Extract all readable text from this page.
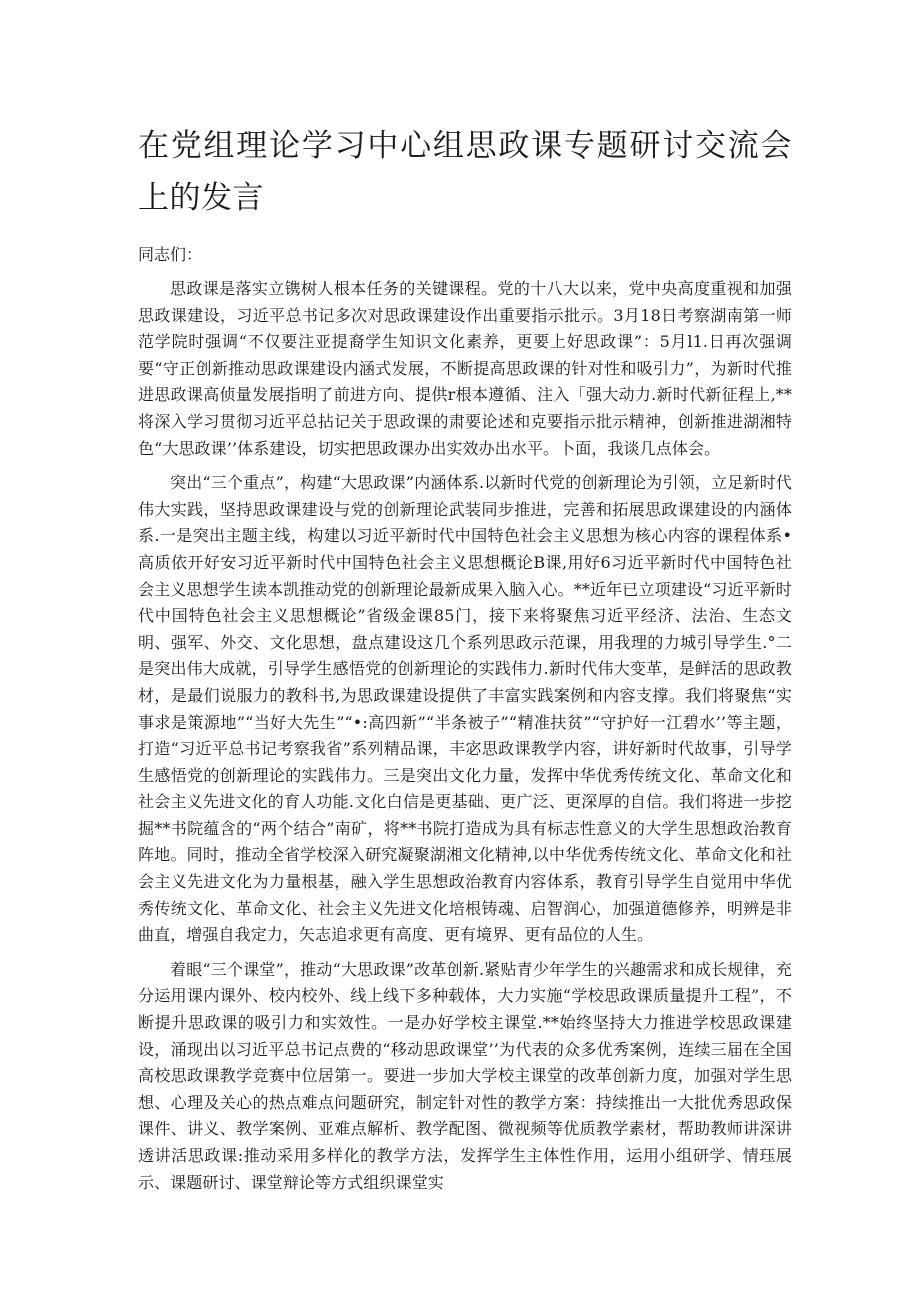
在党组理论学习中心组思政课专题研讨交流会上的发言

同志们：

思政课是落实立镌树人根本任务的关键课程。党的十八大以来，党中央高度重视和加强思政课建设，习近平总书记多次对思政课建设作出重要指示批示。3月18日考察湖南第一师范学院时强调“不仅要注亚提裔学生知识文化素养，更要上好思政课”：5月l1.日再次强调要“守正创新推动思政课建设内涵式发展，不断提高思政课的针对性和吸引力”，为新时代推进思政课高侦量发展指明了前进方向、提供r根本遵循、注入「强大动力.新时代新征程上,**将深入学习贯彻习近平总拈记关于思政课的肃要论述和克要指示批示精神，创新推进湖湘特色“大思政课’’体系建设，切实把思政课办出实效办出水平。卜面，我谈几点体会。

突出“三个重点”，构建“大思政课”内涵体系.以新时代党的创新理论为引领，立足新时代伟大实践，坚持思政课建设与党的创新理论武装同步推进，完善和拓展思政课建设的内涵体系.一是突出主题主线，构建以习近平新时代中国特色社会主义思想为核心内容的课程体系•高质依开好安习近平新时代中国特色社会主义思想概论B课,用好6习近平新时代中国特色社会主义思想学生读本凯推动党的创新理论最新成果入脑入心。**近年已立项建设“习近平新时代中国特色社会主义思想概论”省级金课85门，接下来将聚焦习近平经济、法治、生态文明、强军、外交、文化思想，盘点建设这几个系列思政示范课，用我理的力城引导学生.°二是突出伟大成就，引导学生感悟党的创新理论的实践伟力.新时代伟大变革，是鲜活的思政教材，是最们说服力的教科书,为思政课建设提供了丰富实践案例和内容支撑。我们将聚焦“实事求是策源地”“当好大先生”“•:高四新”“半条被子”“精准扶贫”“守护好一江碧水’’等主题，打造“习近平总书记考察我省”系列精品课，丰宓思政课教学内容，讲好新时代故事，引导学生感悟党的创新理论的实践伟力。三是突出文化力量，发挥中华优秀传统文化、革命文化和社会主义先进文化的育人功能.文化白信是更基础、更广泛、更深厚的自信。我们将进一步挖掘**书院蕴含的“两个结合”南矿，将**书院打造成为具有标志性意义的大学生思想政治教育阵地。同时，推动全省学校深入研究凝聚湖湘文化精神,以中华优秀传统文化、革命文化和社会主义先进文化为力量根基，融入学生思想政治教育内容体系，教育引导学生自觉用中华优秀传统文化、革命文化、社会主义先进文化培根铸魂、启智润心，加强道德修养，明辨是非曲直，增强自我定力，矢志追求更有高度、更有境界、更有品位的人生。

着眼“三个课堂”，推动“大思政课”改革创新.紧贴青少年学生的兴趣需求和成长规律，充分运用课内课外、校内校外、线上线下多种载体，大力实施“学校思政课质量提升工程”，不断提升思政课的吸引力和实效性。一是办好学校主课堂.**始终坚持大力推进学校思政课建设，涌现出以习近平总书记点费的“移动思政课堂’’为代表的众多优秀案例，连续三届在全国高校思政课教学竞赛中位居第一。要进一步加大学校主课堂的改革创新力度，加强对学生思想、心理及关心的热点难点问题研究，制定针对性的教学方案：持续推出一大批优秀思政保课件、讲义、教学案例、亚难点解析、教学配图、微视频等优质教学素材，帮助教师讲深讲透讲活思政课:推动采用多样化的教学方法，发挥学生主体性作用，运用小组研学、情珏展示、课题研讨、课堂辩论等方式组织课堂实
